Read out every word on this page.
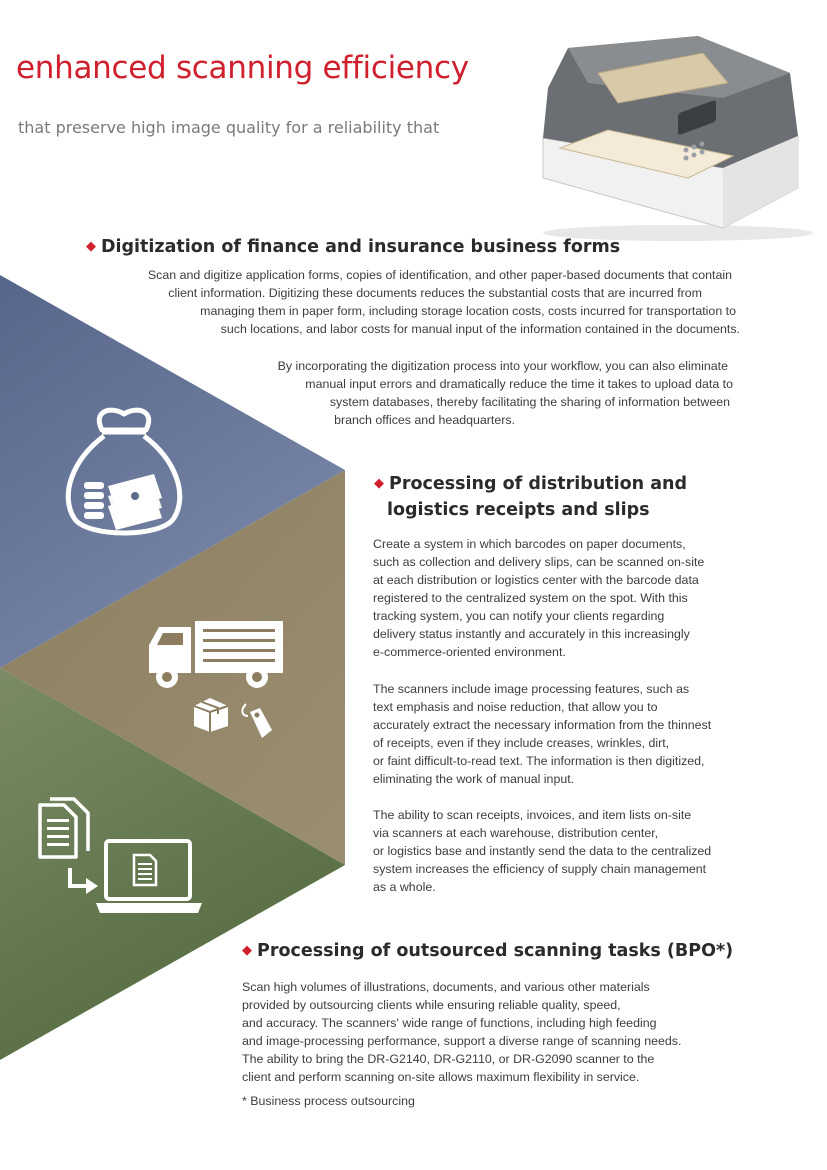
enhanced scanning efficiency

that preserve high image quality for a reliability that

◆ Digitization of finance and insurance business forms

Scan and digitize application forms, copies of identification, and other paper-based documents that contain
client information. Digitizing these documents reduces the substantial costs that are incurred from
managing them in paper form, including storage location costs, costs incurred for transportation to
such locations, and labor costs for manual input of the information contained in the documents.

By incorporating the digitization process into your workflow, you can also eliminate
manual input errors and dramatically reduce the time it takes to upload data to
system databases, thereby facilitating the sharing of information between
branch offices and headquarters.

◆ Processing of distribution and
logistics receipts and slips

Create a system in which barcodes on paper documents,
such as collection and delivery slips, can be scanned on-site
at each distribution or logistics center with the barcode data
registered to the centralized system on the spot. With this
tracking system, you can notify your clients regarding
delivery status instantly and accurately in this increasingly
e-commerce-oriented environment.

The scanners include image processing features, such as
text emphasis and noise reduction, that allow you to
accurately extract the necessary information from the thinnest
of receipts, even if they include creases, wrinkles, dirt,
or faint difficult-to-read text. The information is then digitized,
eliminating the work of manual input.

The ability to scan receipts, invoices, and item lists on-site
via scanners at each warehouse, distribution center,
or logistics base and instantly send the data to the centralized
system increases the efficiency of supply chain management
as a whole.

◆ Processing of outsourced scanning tasks (BPO*)

Scan high volumes of illustrations, documents, and various other materials
provided by outsourcing clients while ensuring reliable quality, speed,
and accuracy. The scanners' wide range of functions, including high feeding
and image-processing performance, support a diverse range of scanning needs.
The ability to bring the DR-G2140, DR-G2110, or DR-G2090 scanner to the
client and perform scanning on-site allows maximum flexibility in service.

* Business process outsourcing
